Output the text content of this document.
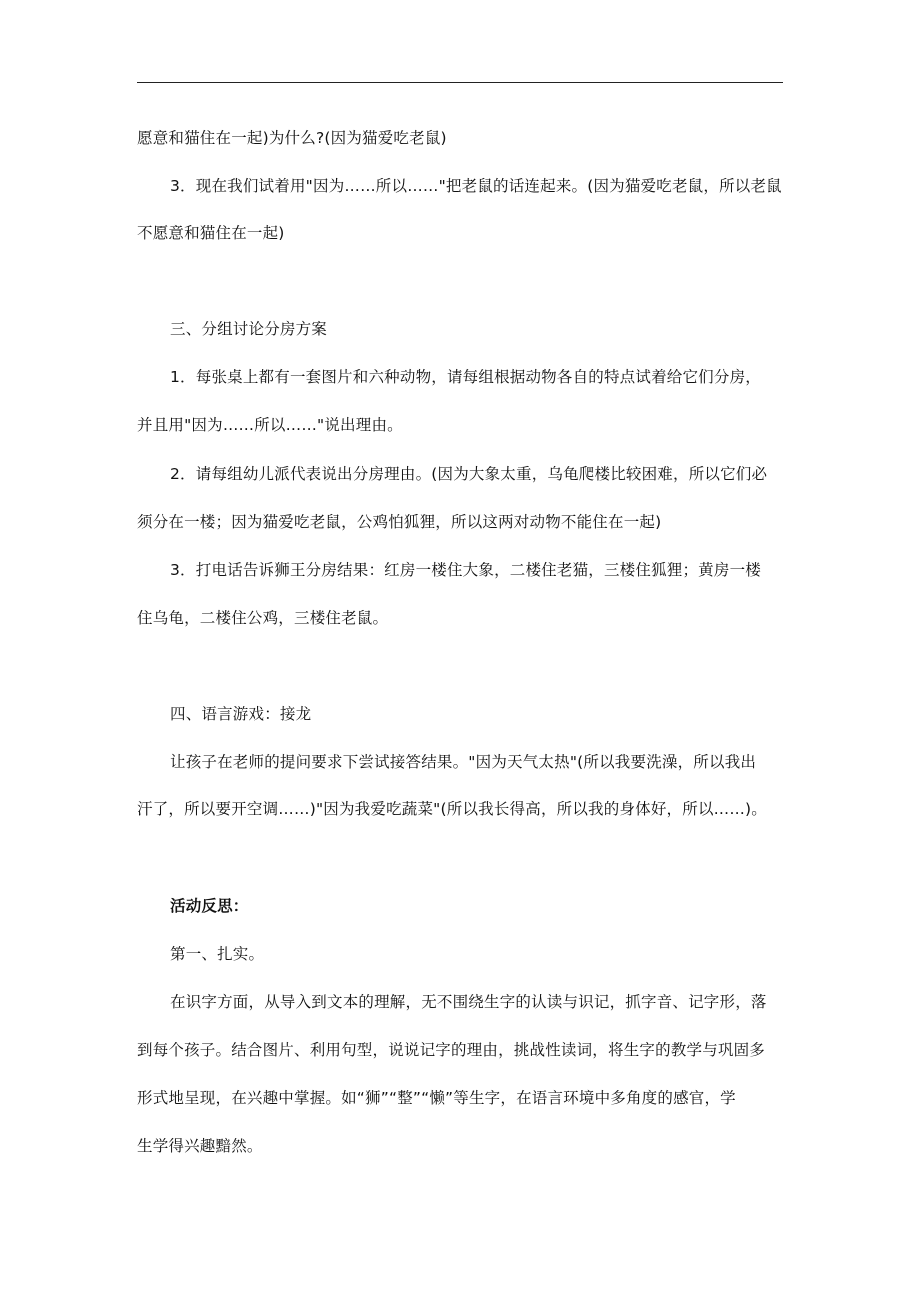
愿意和猫住在一起)为什么?(因为猫爱吃老鼠)
3．现在我们试着用"因为……所以……"把老鼠的话连起来。(因为猫爱吃老鼠，所以老鼠
不愿意和猫住在一起)
三、分组讨论分房方案
1．每张桌上都有一套图片和六种动物，请每组根据动物各自的特点试着给它们分房，
并且用"因为……所以……"说出理由。
2．请每组幼儿派代表说出分房理由。(因为大象太重，乌龟爬楼比较困难，所以它们必
须分在一楼；因为猫爱吃老鼠，公鸡怕狐狸，所以这两对动物不能住在一起)
3．打电话告诉狮王分房结果：红房一楼住大象，二楼住老猫，三楼住狐狸；黄房一楼
住乌龟，二楼住公鸡，三楼住老鼠。
四、语言游戏：接龙
让孩子在老师的提问要求下尝试接答结果。"因为天气太热"(所以我要洗澡，所以我出
汗了，所以要开空调……)"因为我爱吃蔬菜"(所以我长得高，所以我的身体好，所以……)。
活动反思：
第一、扎实。
在识字方面，从导入到文本的理解，无不围绕生字的认读与识记，抓字音、记字形，落
到每个孩子。结合图片、利用句型，说说记字的理由，挑战性读词，将生字的教学与巩固多
形式地呈现，在兴趣中掌握。如“狮”“整”“懒”等生字，在语言环境中多角度的感官，学
生学得兴趣黯然。
